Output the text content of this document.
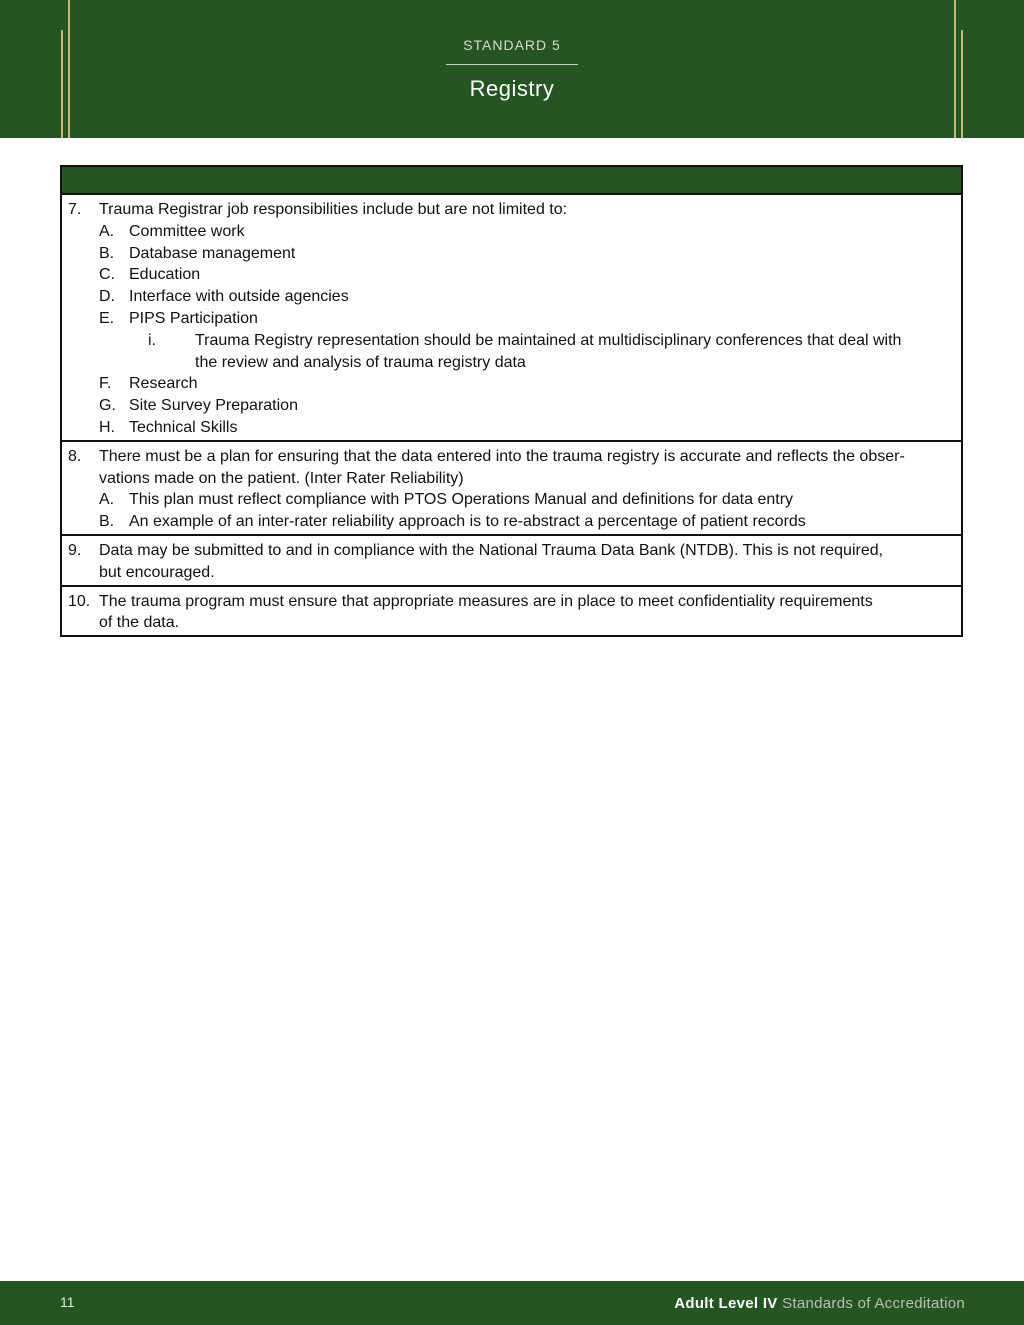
STANDARD 5
Registry
7.	Trauma Registrar job responsibilities include but are not limited to:
A. Committee work
B. Database management
C. Education
D. Interface with outside agencies
E. PIPS Participation
i.	Trauma Registry representation should be maintained at multidisciplinary conferences that deal with
the review and analysis of trauma registry data
F.	Research
G. Site Survey Preparation
H. Technical Skills
8.	There must be a plan for ensuring that the data entered into the trauma registry is accurate and reflects the obser-
vations made on the patient. (Inter Rater Reliability)
A. This plan must reflect compliance with PTOS Operations Manual and definitions for data entry
B. An example of an inter-rater reliability approach is to re-abstract a percentage of patient records
9.	Data may be submitted to and in compliance with the National Trauma Data Bank (NTDB). This is not required,
but encouraged.
10. The trauma program must ensure that appropriate measures are in place to meet confidentiality requirements
of the data.
11	Adult Level IV Standards of Accreditation
